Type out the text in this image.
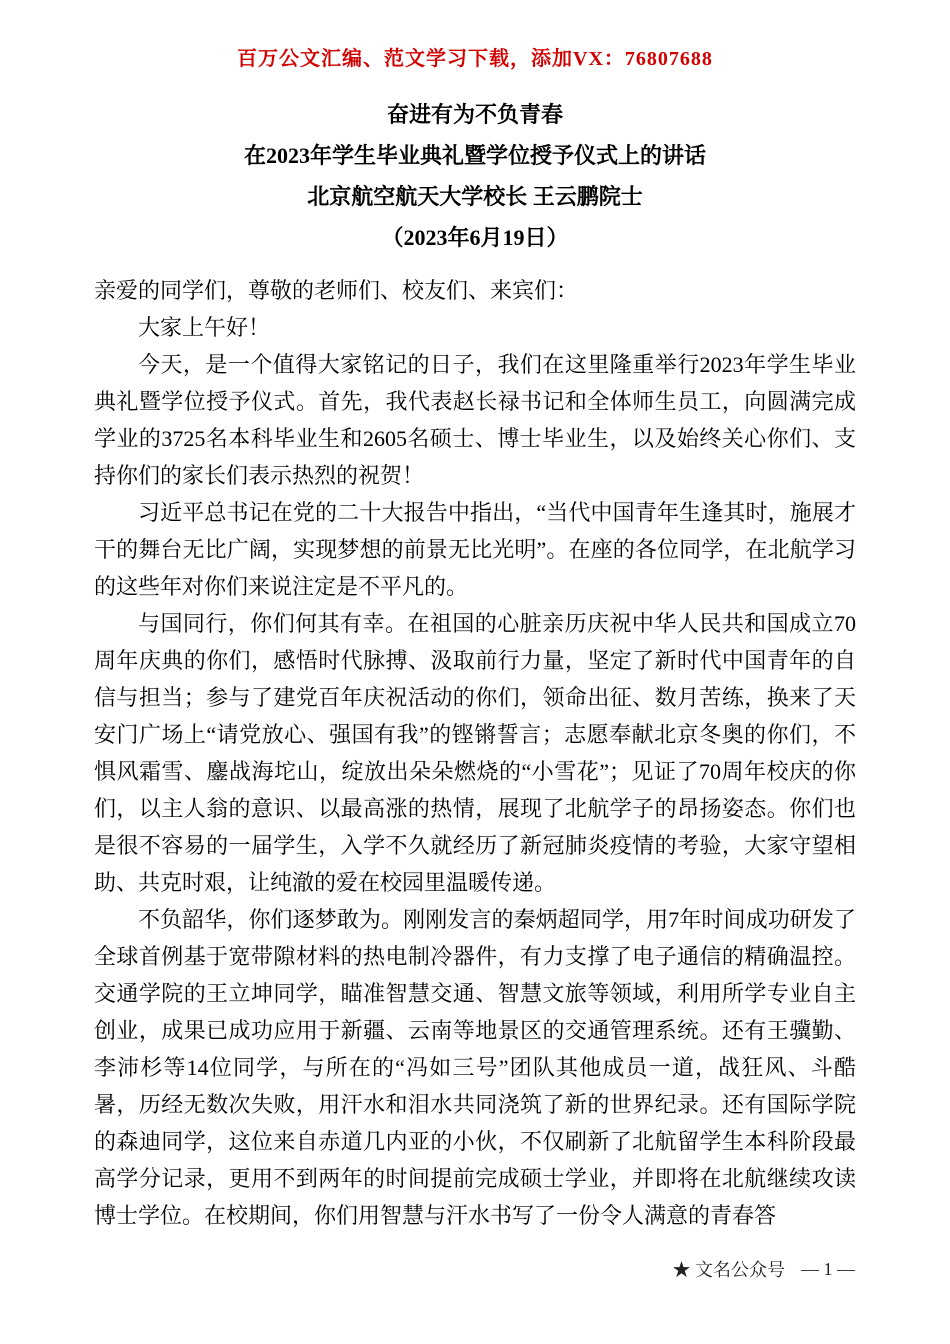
百万公文汇编、范文学习下载，添加VX：76807688
奋进有为不负青春
在2023年学生毕业典礼暨学位授予仪式上的讲话
北京航空航天大学校长 王云鹏院士
（2023年6月19日）

亲爱的同学们，尊敬的老师们、校友们、来宾们：

大家上午好！

今天，是一个值得大家铭记的日子，我们在这里隆重举行2023年学生毕业典礼暨学位授予仪式。首先，我代表赵长禄书记和全体师生员工，向圆满完成学业的3725名本科毕业生和2605名硕士、博士毕业生，以及始终关心你们、支持你们的家长们表示热烈的祝贺！

习近平总书记在党的二十大报告中指出，“当代中国青年生逢其时，施展才干的舞台无比广阔，实现梦想的前景无比光明”。在座的各位同学，在北航学习的这些年对你们来说注定是不平凡的。

与国同行，你们何其有幸。在祖国的心脏亲历庆祝中华人民共和国成立70周年庆典的你们，感悟时代脉搏、汲取前行力量，坚定了新时代中国青年的自信与担当；参与了建党百年庆祝活动的你们，领命出征、数月苦练，换来了天安门广场上“请党放心、强国有我”的铿锵誓言；志愿奉献北京冬奥的你们，不惧风霜雪、鏖战海坨山，绽放出朵朵燃烧的“小雪花”；见证了70周年校庆的你们，以主人翁的意识、以最高涨的热情，展现了北航学子的昂扬姿态。你们也是很不容易的一届学生，入学不久就经历了新冠肺炎疫情的考验，大家守望相助、共克时艰，让纯澈的爱在校园里温暖传递。

不负韶华，你们逐梦敢为。刚刚发言的秦炳超同学，用7年时间成功研发了全球首例基于宽带隙材料的热电制冷器件，有力支撑了电子通信的精确温控。交通学院的王立坤同学，瞄准智慧交通、智慧文旅等领域，利用所学专业自主创业，成果已成功应用于新疆、云南等地景区的交通管理系统。还有王骥勤、李沛杉等14位同学，与所在的“冯如三号”团队其他成员一道，战狂风、斗酷暑，历经无数次失败，用汗水和泪水共同浇筑了新的世界纪录。还有国际学院的森迪同学，这位来自赤道几内亚的小伙，不仅刷新了北航留学生本科阶段最高学分记录，更用不到两年的时间提前完成硕士学业，并即将在北航继续攻读博士学位。在校期间，你们用智慧与汗水书写了一份令人满意的青春答

★ 文名公众号 — 1 —
